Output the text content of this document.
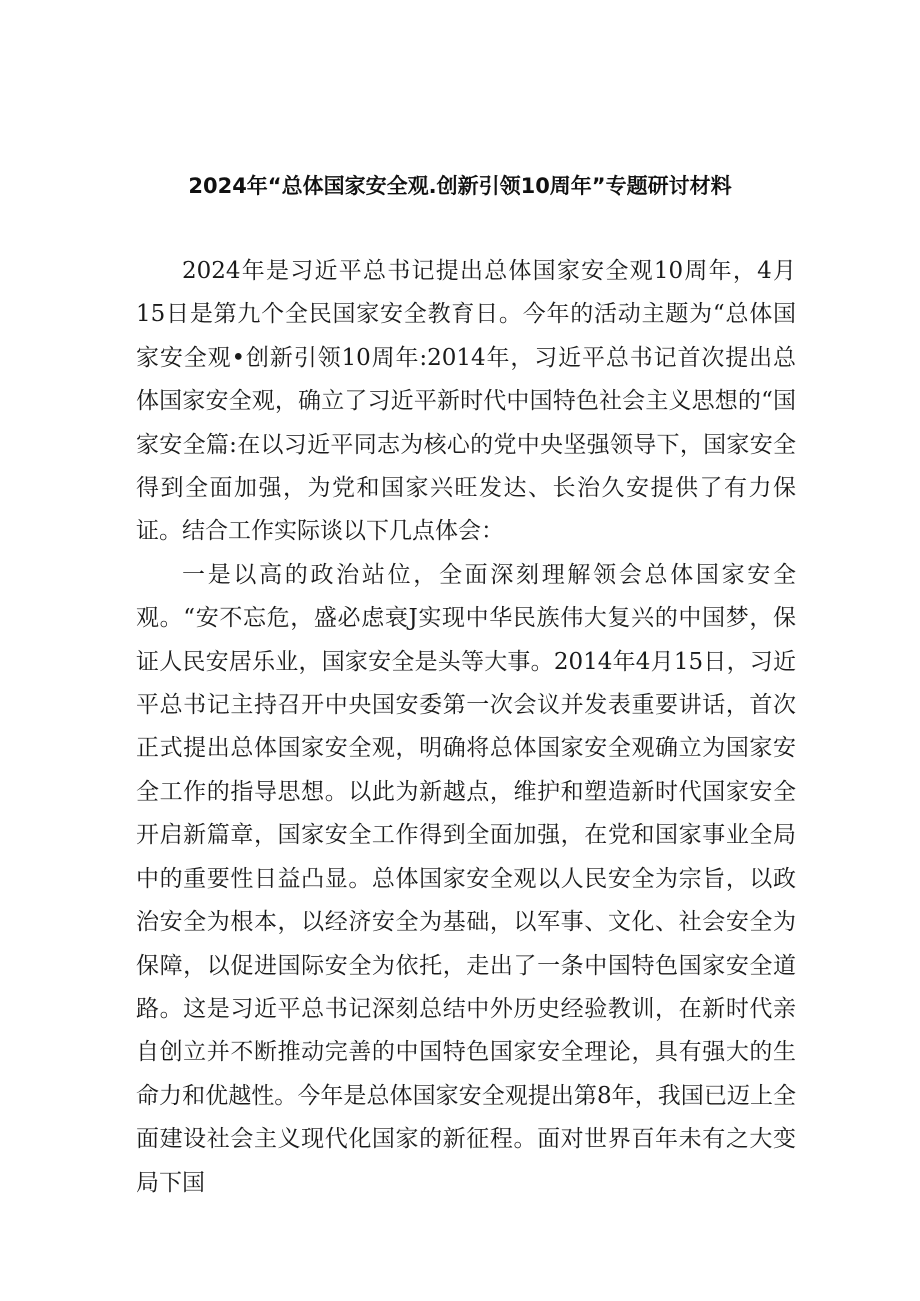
2024年“总体国家安全观.创新引领10周年”专题研讨材料

2024年是习近平总书记提出总体国家安全观10周年，4月15日是第九个全民国家安全教育日。今年的活动主题为“总体国家安全观•创新引领10周年:2014年，习近平总书记首次提出总体国家安全观，确立了习近平新时代中国特色社会主义思想的“国家安全篇:在以习近平同志为核心的党中央坚强领导下，国家安全得到全面加强，为党和国家兴旺发达、长治久安提供了有力保证。结合工作实际谈以下几点体会：

一是以高的政治站位，全面深刻理解领会总体国家安全观。“安不忘危，盛必虑衰J实现中华民族伟大复兴的中国梦，保证人民安居乐业，国家安全是头等大事。2014年4月15日，习近平总书记主持召开中央国安委第一次会议并发表重要讲话，首次正式提出总体国家安全观，明确将总体国家安全观确立为国家安全工作的指导思想。以此为新越点，维护和塑造新时代国家安全开启新篇章，国家安全工作得到全面加强，在党和国家事业全局中的重要性日益凸显。总体国家安全观以人民安全为宗旨，以政治安全为根本，以经济安全为基础，以军事、文化、社会安全为保障，以促进国际安全为依托，走出了一条中国特色国家安全道路。这是习近平总书记深刻总结中外历史经验教训，在新时代亲自创立并不断推动完善的中国特色国家安全理论，具有强大的生命力和优越性。今年是总体国家安全观提出第8年，我国已迈上全面建设社会主义现代化国家的新征程。面对世界百年未有之大变局下国
